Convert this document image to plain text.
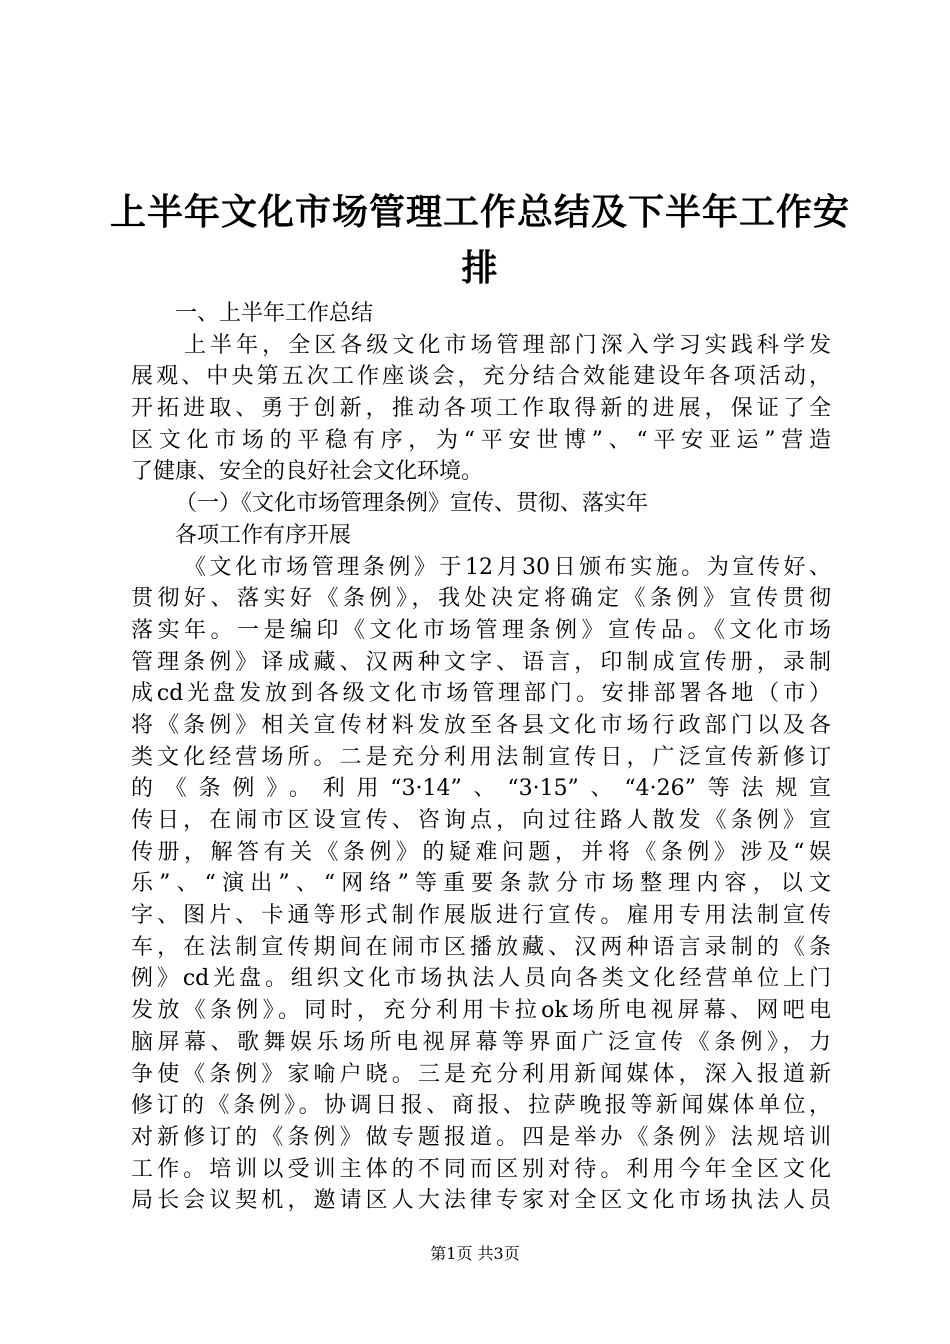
上半年文化市场管理工作总结及下半年工作安
排
一、上半年工作总结
上半年，全区各级文化市场管理部门深入学习实践科学发
展观、中央第五次工作座谈会，充分结合效能建设年各项活动，
开拓进取、勇于创新，推动各项工作取得新的进展，保证了全
区文化市场的平稳有序，为“平安世博”、“平安亚运”营造
了健康、安全的良好社会文化环境。
（一）《文化市场管理条例》宣传、贯彻、落实年
各项工作有序开展
《文化市场管理条例》于12月30日颁布实施。为宣传好、
贯彻好、落实好《条例》，我处决定将确定《条例》宣传贯彻
落实年。一是编印《文化市场管理条例》宣传品。《文化市场
管理条例》译成藏、汉两种文字、语言，印制成宣传册，录制
成cd光盘发放到各级文化市场管理部门。安排部署各地（市）
将《条例》相关宣传材料发放至各县文化市场行政部门以及各
类文化经营场所。二是充分利用法制宣传日，广泛宣传新修订
的《条例》。利用“3·14”、“3·15”、“4·26”等法规宣
传日，在闹市区设宣传、咨询点，向过往路人散发《条例》宣
传册，解答有关《条例》的疑难问题，并将《条例》涉及“娱
乐”、“演出”、“网络”等重要条款分市场整理内容，以文
字、图片、卡通等形式制作展版进行宣传。雇用专用法制宣传
车，在法制宣传期间在闹市区播放藏、汉两种语言录制的《条
例》cd光盘。组织文化市场执法人员向各类文化经营单位上门
发放《条例》。同时，充分利用卡拉ok场所电视屏幕、网吧电
脑屏幕、歌舞娱乐场所电视屏幕等界面广泛宣传《条例》，力
争使《条例》家喻户晓。三是充分利用新闻媒体，深入报道新
修订的《条例》。协调日报、商报、拉萨晚报等新闻媒体单位，
对新修订的《条例》做专题报道。四是举办《条例》法规培训
工作。培训以受训主体的不同而区别对待。利用今年全区文化
局长会议契机，邀请区人大法律专家对全区文化市场执法人员
第1页 共3页
